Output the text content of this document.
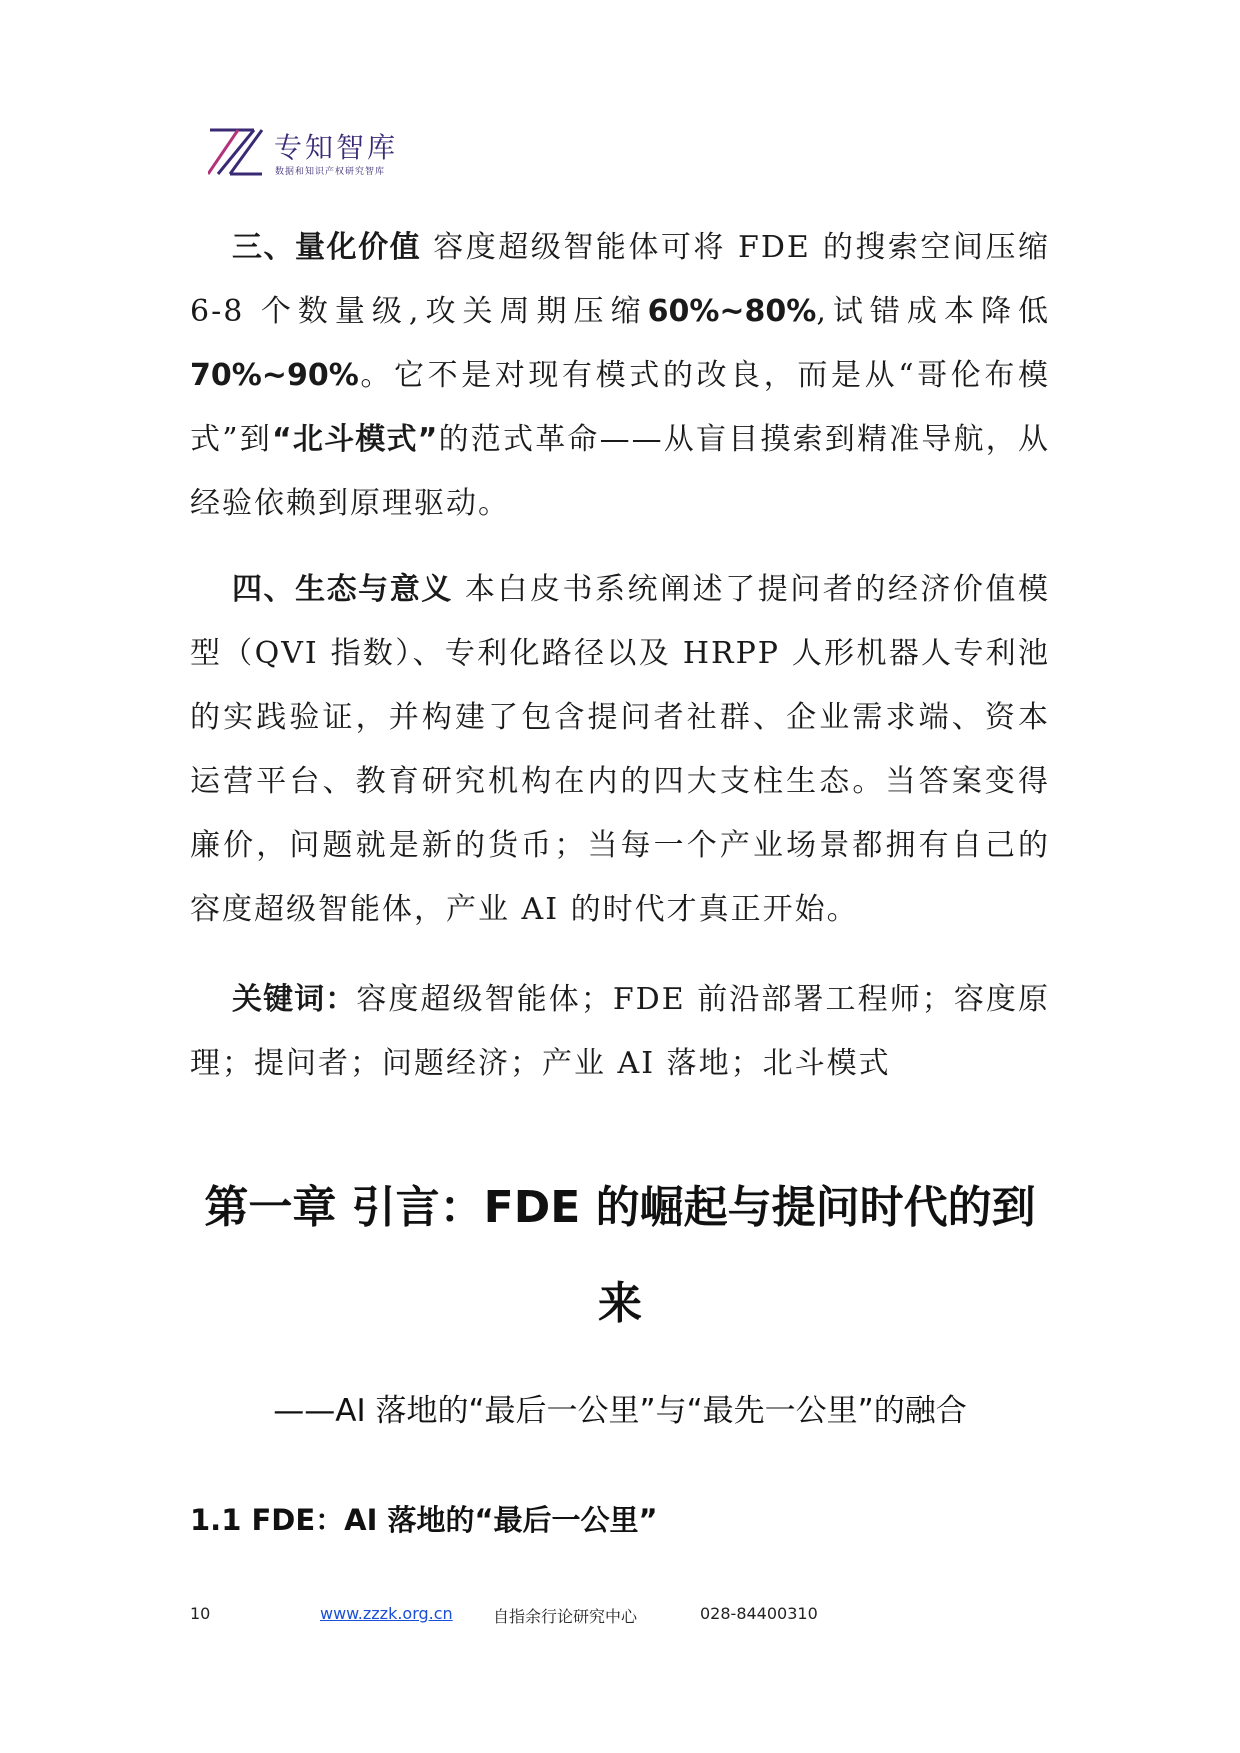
专知智库
数据和知识产权研究智库

三、量化价值 容度超级智能体可将 FDE 的搜索空间压缩 6-8 个数量级,攻关周期压缩60%~80%,试错成本降低70%~90%。它不是对现有模式的改良，而是从“哥伦布模式”到“北斗模式”的范式革命——从盲目摸索到精准导航，从经验依赖到原理驱动。

四、生态与意义 本白皮书系统阐述了提问者的经济价值模型（QVI 指数）、专利化路径以及 HRPP 人形机器人专利池的实践验证，并构建了包含提问者社群、企业需求端、资本运营平台、教育研究机构在内的四大支柱生态。当答案变得廉价，问题就是新的货币；当每一个产业场景都拥有自己的容度超级智能体，产业 AI 的时代才真正开始。

关键词：容度超级智能体；FDE 前沿部署工程师；容度原理；提问者；问题经济；产业 AI 落地；北斗模式

第一章 引言：FDE 的崛起与提问时代的到
来

——AI 落地的“最后一公里”与“最先一公里”的融合

1.1 FDE：AI 落地的“最后一公里”
10	www.zzzk.org.cn	自指余行论研究中心	028-84400310
